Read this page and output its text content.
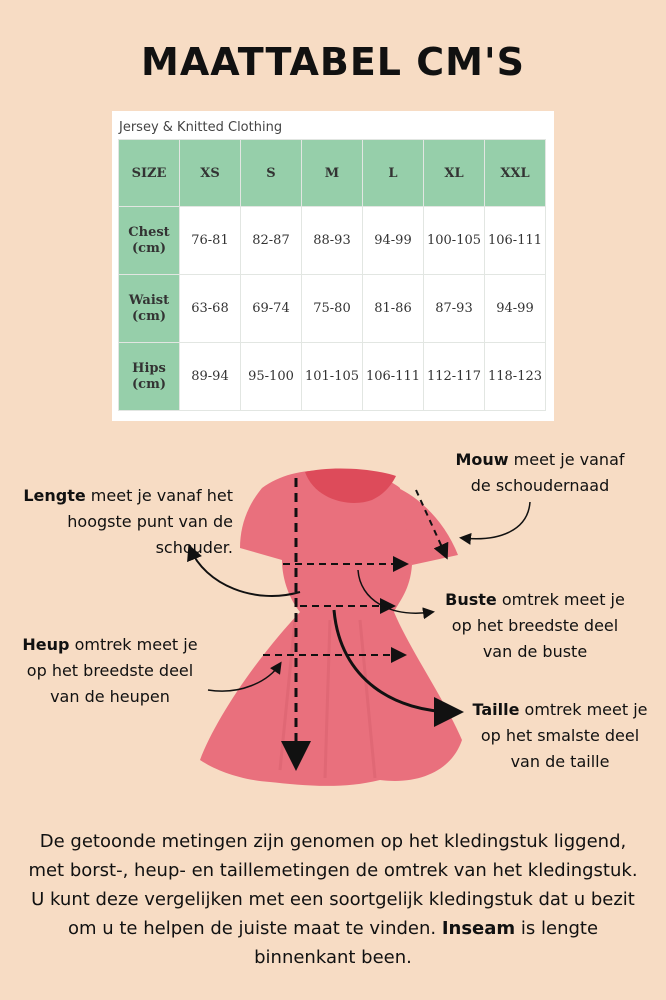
MAATTABEL CM'S
Jersey & Knitted Clothing
SIZE	XS	S	M	L	XL	XXL
Chest
(cm)	76-81	82-87	88-93	94-99	100-105	106-111
Waist
(cm)	63-68	69-74	75-80	81-86	87-93	94-99
Hips
(cm)	89-94	95-100	101-105	106-111	112-117	118-123
Lengte meet je vanaf het
hoogste punt van de
schouder.
Mouw meet je vanaf
de schoudernaad
Buste omtrek meet je
op het breedste deel
van de buste
Heup omtrek meet je
op het breedste deel
van de heupen
Taille omtrek meet je
op het smalste deel
van de taille
De getoonde metingen zijn genomen op het kledingstuk liggend, met borst-, heup- en taillemetingen de omtrek van het kledingstuk. U kunt deze vergelijken met een soortgelijk kledingstuk dat u bezit om u te helpen de juiste maat te vinden. Inseam is lengte binnenkant been.
